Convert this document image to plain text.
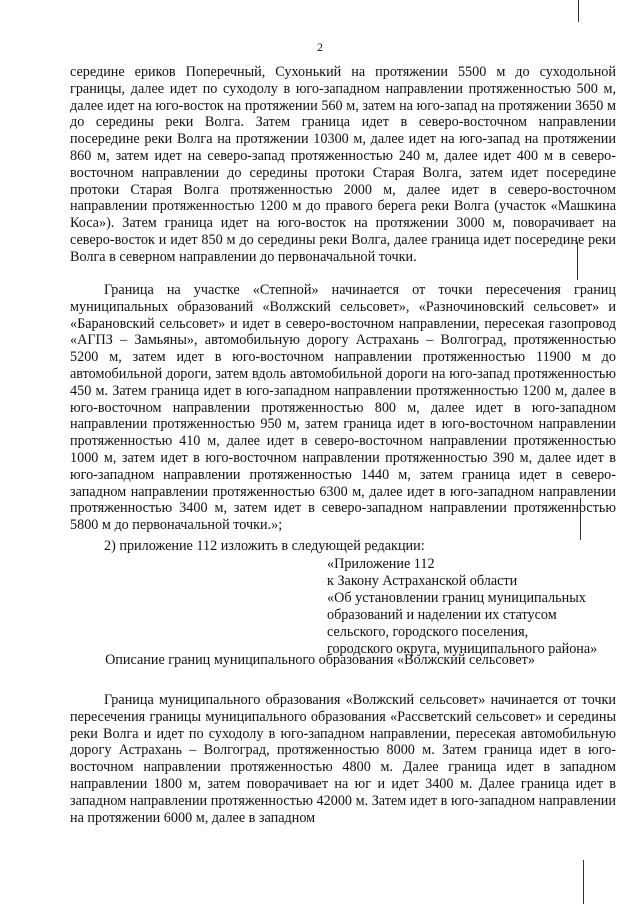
2

середине ериков Поперечный, Сухонький на протяжении 5500 м до суходольной границы, далее идет по суходолу в юго-западном направлении протяженностью 500 м, далее идет на юго-восток на протяжении 560 м, затем на юго-запад на протяжении 3650 м до середины реки Волга. Затем граница идет в северо-восточном направлении посередине реки Волга на протяжении 10300 м, далее идет на юго-запад на протяжении 860 м, затем идет на северо-запад протяженностью 240 м, далее идет 400 м в северо-восточном направлении до середины протоки Старая Волга, затем идет посередине протоки Старая Волга протяженностью 2000 м, далее идет в северо-восточном направлении протяженностью 1200 м до правого берега реки Волга (участок «Машкина Коса»). Затем граница идет на юго-восток на протяжении 3000 м, поворачивает на северо-восток и идет 850 м до середины реки Волга, далее граница идет посередине реки Волга в северном направлении до первоначальной точки.

Граница на участке «Степной» начинается от точки пересечения границ муниципальных образований «Волжский сельсовет», «Разночиновский сельсовет» и «Барановский сельсовет» и идет в северо-восточном направлении, пересекая газопровод «АГПЗ – Замьяны», автомобильную дорогу Астрахань – Волгоград, протяженностью 5200 м, затем идет в юго-восточном направлении протяженностью 11900 м до автомобильной дороги, затем вдоль автомобильной дороги на юго-запад протяженностью 450 м. Затем граница идет в юго-западном направлении протяженностью 1200 м, далее в юго-восточном направлении протяженностью 800 м, далее идет в юго-западном направлении протяженностью 950 м, затем граница идет в юго-восточном направлении протяженностью 410 м, далее идет в северо-восточном направлении протяженностью 1000 м, затем идет в юго-восточном направлении протяженностью 390 м, далее идет в юго-западном направлении протяженностью 1440 м, затем граница идет в северо-западном направлении протяженностью 6300 м, далее идет в юго-западном направлении протяженностью 3400 м, затем идет в северо-западном направлении протяженностью 5800 м до первоначальной точки.»;

2) приложение 112 изложить в следующей редакции:

«Приложение 112
к Закону Астраханской области
«Об установлении границ муниципальных
образований и наделении их статусом
сельского, городского поселения,
городского округа, муниципального района»
Описание границ муниципального образования «Волжский сельсовет»

Граница муниципального образования «Волжский сельсовет» начинается от точки пересечения границы муниципального образования «Рассветский сельсовет» и середины реки Волга и идет по суходолу в юго-западном направлении, пересекая автомобильную дорогу Астрахань – Волгоград, протяженностью 8000 м. Затем граница идет в юго-восточном направлении протяженностью 4800 м. Далее граница идет в западном направлении 1800 м, затем поворачивает на юг и идет 3400 м. Далее граница идет в западном направлении протяженностью 42000 м. Затем идет в юго-западном направлении на протяжении 6000 м, далее в западном
